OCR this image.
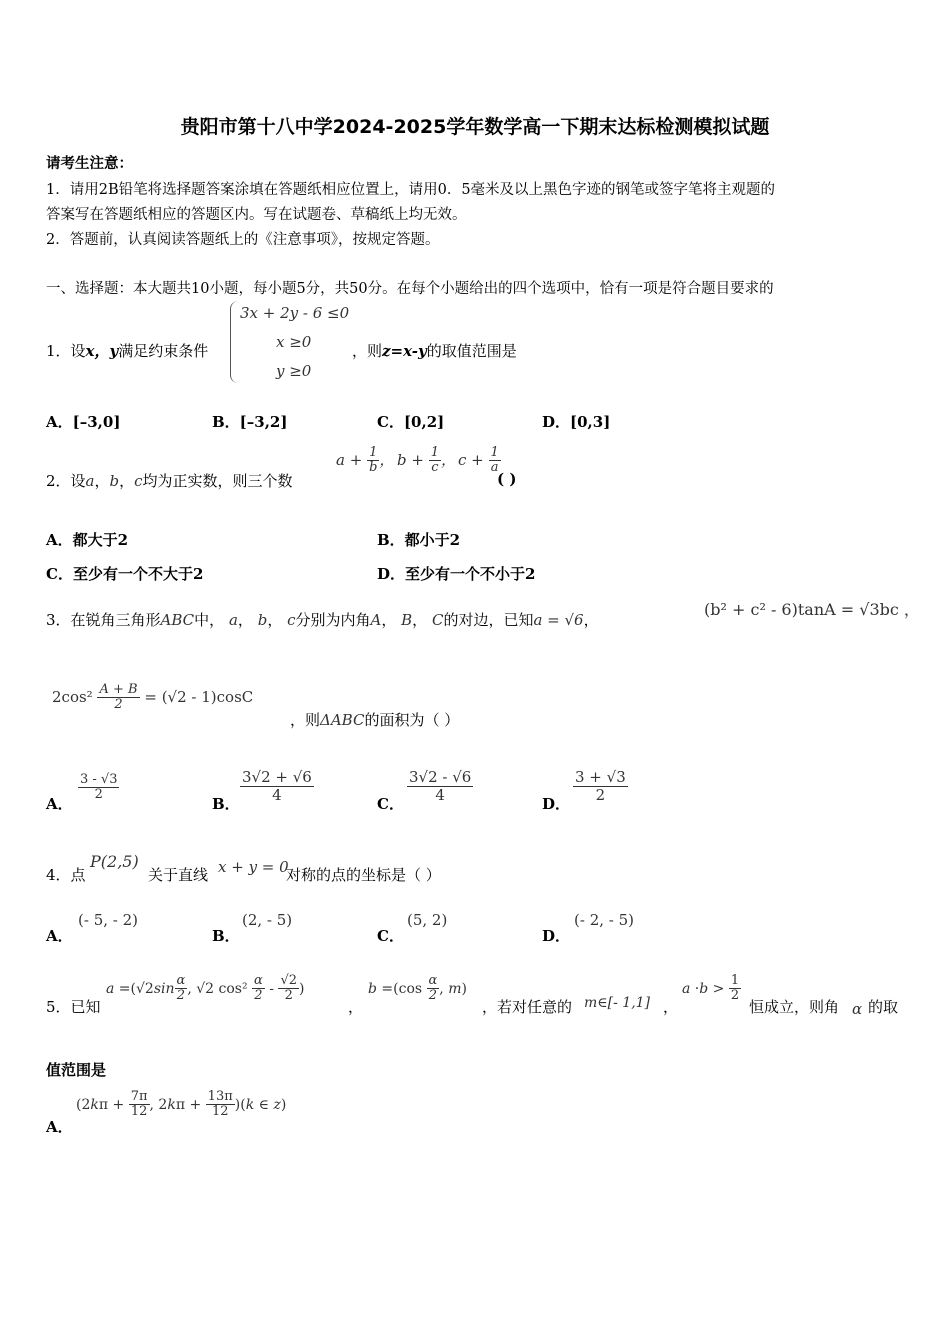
贵阳市第十八中学2024-2025学年数学高一下期末达标检测模拟试题
请考生注意：
1．请用2B铅笔将选择题答案涂填在答题纸相应位置上，请用0．5毫米及以上黑色字迹的钢笔或签字笔将主观题的
答案写在答题纸相应的答题区内。写在试题卷、草稿纸上均无效。
2．答题前，认真阅读答题纸上的《注意事项》，按规定答题。
一、选择题：本大题共10小题，每小题5分，共50分。在每个小题给出的四个选项中，恰有一项是符合题目要求的
1．设x，y满足约束条件
3x + 2y - 6 ≤0
x ≥0
y ≥0
，则z=x-y的取值范围是
A．[–3,0]	B．[–3,2]	C．[0,2]	D．[0,3]
2．设a，b，c均为正实数，则三个数
$a + \frac{1}{b}$ ， $b + \frac{1}{c}$ ， $c + \frac{1}{a}$
( )
A．都大于2	B．都小于2
C．至少有一个不大于2	D．至少有一个不小于2
3．在锐角三角形ABC中， a， b， c分别为内角A， B， C的对边，已知a = √6，
(b² + c² - 6)tanA = √3bc ，
$2\cos^2 \frac{A + B}{2} = (√2 - 1)\cos C$
，则ΔABC的面积为（ ）
A．
$\frac{3 - √3}{2}$
B．
$\frac{3√2 + √6}{4}$
C．
$\frac{3√2 - √6}{4}$
D．
$\frac{3 + √3}{2}$
4．点
P(2,5)
关于直线 x + y = 0
对称的点的坐标是（ ）
A．
(- 5, - 2)
B．
(2, - 5)
C．
(5, 2)
D．
(- 2, - 5)
5．已知
$a =(√2\sin \frac{\alpha}{2}$ , √2 $\cos^2 \frac{\alpha}{2} - \frac{√2}{2}$ )
，
$b =(\cos \frac{\alpha}{2}$ , m)
，若对任意的 m∈[- 1,1] ，
$a \cdot b > \frac{1}{2}$
恒成立，则角 α 的取
值范围是
A．
($2k\pi + \frac{7\pi}{12}$ , $2k\pi + \frac{13\pi}{12} )(k$ ∈ z)
